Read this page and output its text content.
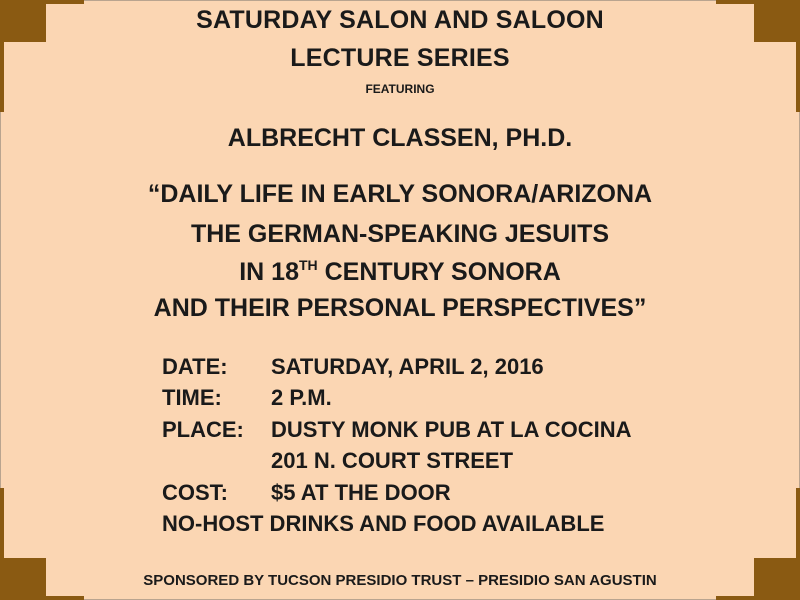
SATURDAY SALON AND SALOON
LECTURE SERIES
FEATURING
ALBRECHT CLASSEN, PH.D.
“DAILY LIFE IN EARLY SONORA/ARIZONA
THE GERMAN-SPEAKING JESUITS
IN 18TH CENTURY SONORA
AND THEIR PERSONAL PERSPECTIVES”
DATE:	SATURDAY, APRIL 2, 2016
TIME:	2 P.M.
PLACE:	DUSTY MONK PUB AT LA COCINA
201 N. COURT STREET
COST:	$5 AT THE DOOR
NO-HOST DRINKS AND FOOD AVAILABLE
SPONSORED BY TUCSON PRESIDIO TRUST – PRESIDIO SAN AGUSTIN
